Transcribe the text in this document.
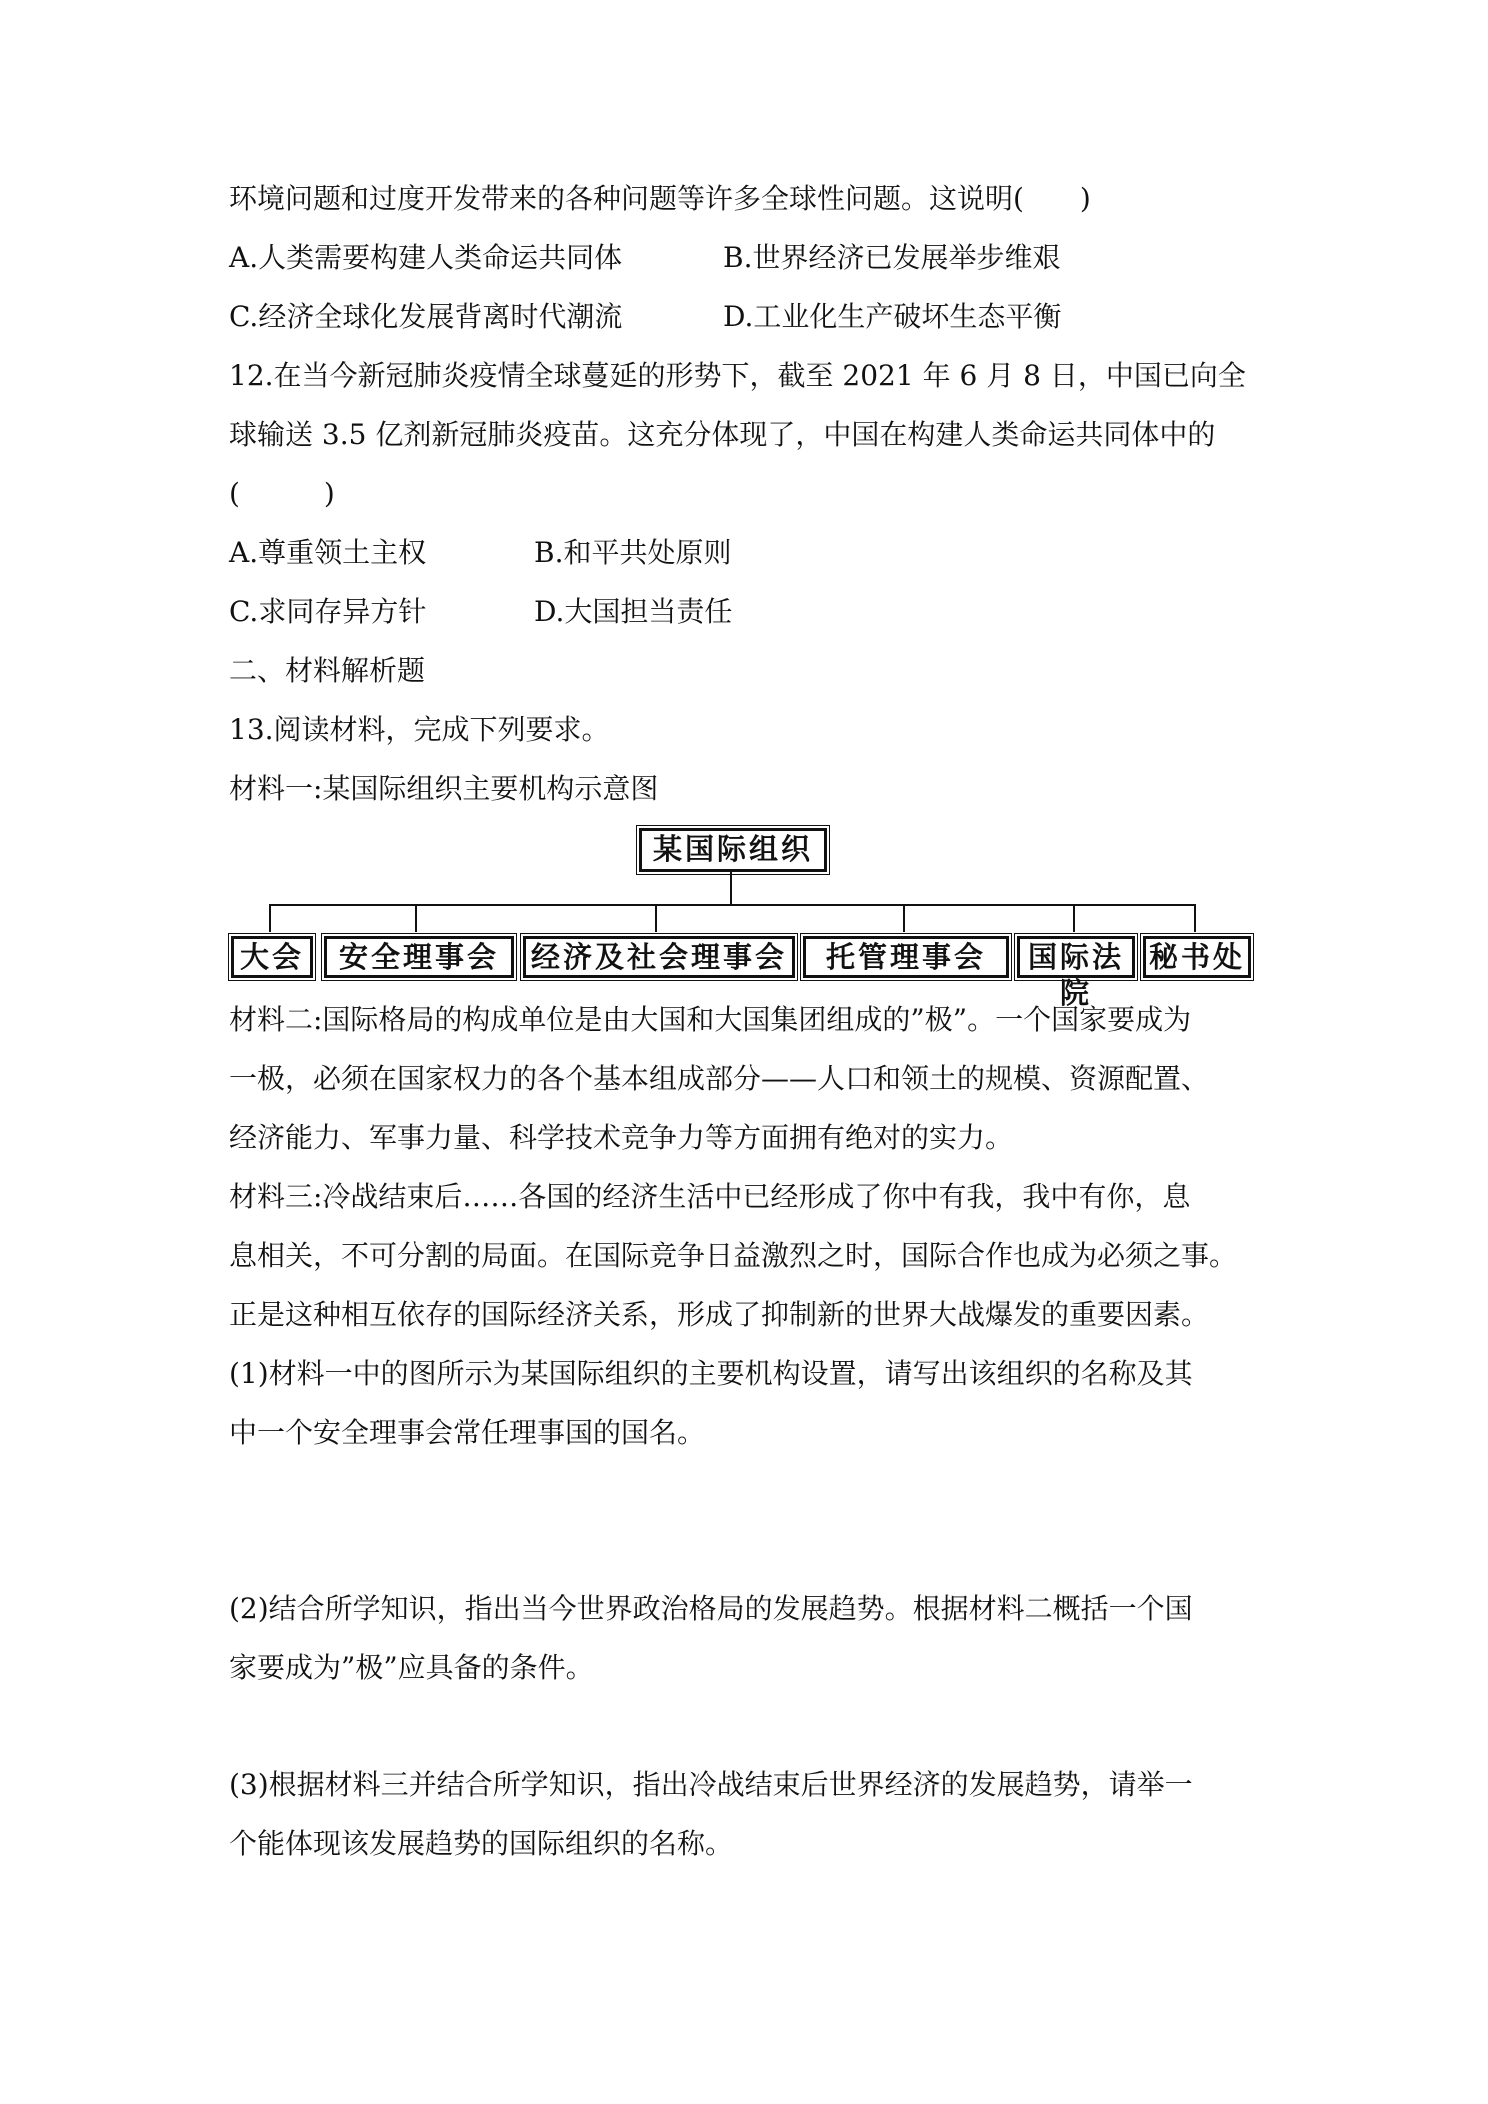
环境问题和过度开发带来的各种问题等许多全球性问题。这说明(　　)
A.人类需要构建人类命运共同体	B.世界经济已发展举步维艰
C.经济全球化发展背离时代潮流	D.工业化生产破坏生态平衡
12.在当今新冠肺炎疫情全球蔓延的形势下，截至 2021 年 6 月 8 日，中国已向全
球输送 3.5 亿剂新冠肺炎疫苗。这充分体现了，中国在构建人类命运共同体中的
(　　　)
A.尊重领土主权	B.和平共处原则
C.求同存异方针	D.大国担当责任
二、材料解析题
13.阅读材料，完成下列要求。
材料一:某国际组织主要机构示意图
某国际组织
大会	安全理事会	经济及社会理事会	托管理事会	国际法院
秘书处
材料二:国际格局的构成单位是由大国和大国集团组成的”极”。一个国家要成为
一极，必须在国家权力的各个基本组成部分——人口和领土的规模、资源配置、
经济能力、军事力量、科学技术竞争力等方面拥有绝对的实力。
材料三:冷战结束后……各国的经济生活中已经形成了你中有我，我中有你，息
息相关，不可分割的局面。在国际竞争日益激烈之时，国际合作也成为必须之事。
正是这种相互依存的国际经济关系，形成了抑制新的世界大战爆发的重要因素。
(1)材料一中的图所示为某国际组织的主要机构设置，请写出该组织的名称及其
中一个安全理事会常任理事国的国名。
(2)结合所学知识，指出当今世界政治格局的发展趋势。根据材料二概括一个国
家要成为”极”应具备的条件。
(3)根据材料三并结合所学知识，指出冷战结束后世界经济的发展趋势，请举一
个能体现该发展趋势的国际组织的名称。
